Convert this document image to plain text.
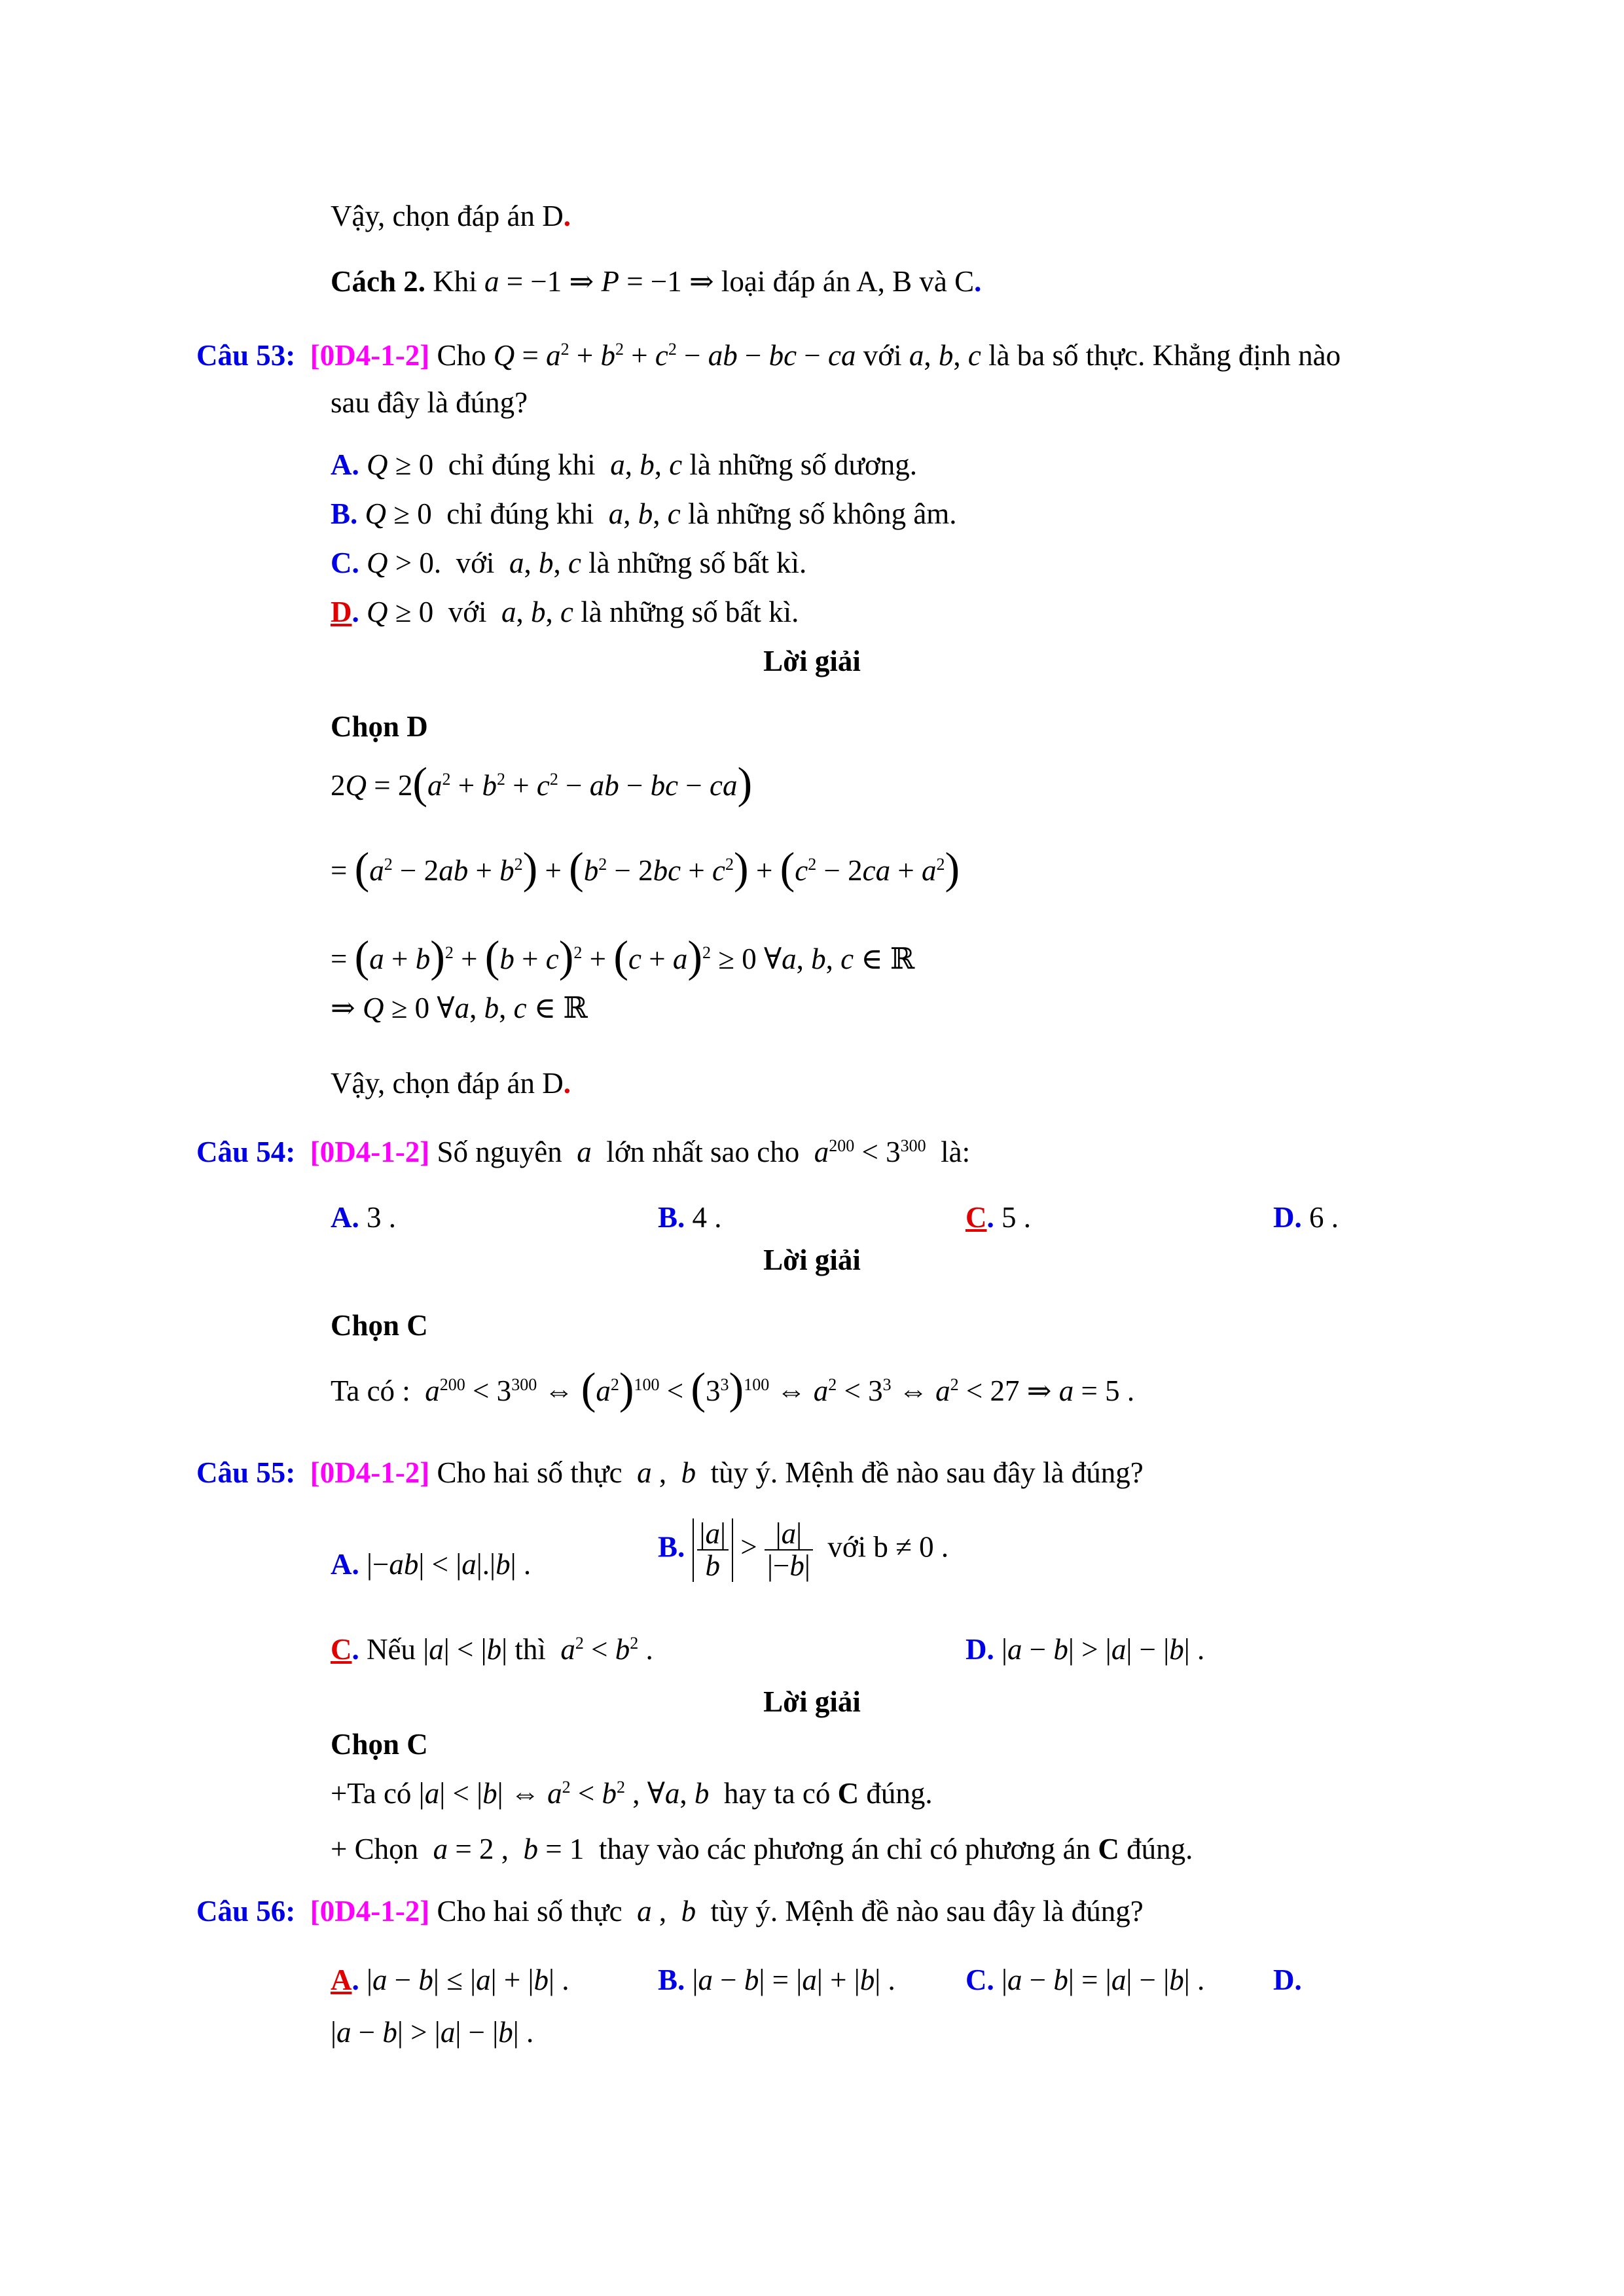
Vậy, chọn đáp án D.
Cách 2. Khi a = −1 ⇒ P = −1 ⇒ loại đáp án A, B và C.
Câu 53: [0D4-1-2] Cho $Q = a^2 + b^2 + c^2$ − ab − bc − ca với a, b, c là ba số thực. Khẳng định nào
sau đây là đúng?
A. Q ≥ 0  chỉ đúng khi  a, b, c là những số dương.
B. Q ≥ 0  chỉ đúng khi  a, b, c là những số không âm.
C. Q > 0.  với  a, b, c là những số bất kì.
D. Q ≥ 0  với  a, b, c là những số bất kì.
Lời giải
Chọn D
$2Q = 2(a^2 + b^2 + c^2$ − ab − bc − ca)
= $(a^2 - 2ab + b^2) + (b^2 - 2bc + c^2) + (c^2 - 2ca + a^2)$
= $(a + b)^2 + (b + c)^2 + (c + a)^2 \ge 0$ ∀a, b, c ∈ ℝ
⇒ Q ≥ 0 ∀a, b, c ∈ ℝ
Vậy, chọn đáp án D.
Câu 54: [0D4-1-2] Số nguyên  a  lớn nhất sao cho  $a^{200} < 3^{300}$  là:
A. 3 .	B. 4 .	C. 5 .	D. 6 .
Lời giải
Chọn C
Ta có :  $a^{200} < 3^{300}$ ⇔ $(a^2)^{100} < (3^3)^{100}$ ⇔ $a^2 < 3^3$ ⇔ $a^2 < 27$ ⇒ a = 5 .
Câu 55: [0D4-1-2] Cho hai số thực  a ,  b  tùy ý. Mệnh đề nào sau đây là đúng?
A. |−ab| < |a|.|b| .
B. $\frac{|a|}{b} > \frac{|a|}{|-b|}$ với b ≠ 0 .
C. Nếu |a| < |b| thì  $a^2 < b^2$ .	D. |a − b| > |a| − |b| .
Lời giải
Chọn C
+Ta có |a| < |b| ⇔ $a^2 < b^2$ , ∀a, b  hay ta có C đúng.
+ Chọn  a = 2 ,  b = 1  thay vào các phương án chỉ có phương án C đúng.
Câu 56: [0D4-1-2] Cho hai số thực  a ,  b  tùy ý. Mệnh đề nào sau đây là đúng?
A. |a − b| ≤ |a| + |b| .	B. |a − b| = |a| + |b| . C. |a − b| = |a| − |b| . D.
|a − b| > |a| − |b| .
